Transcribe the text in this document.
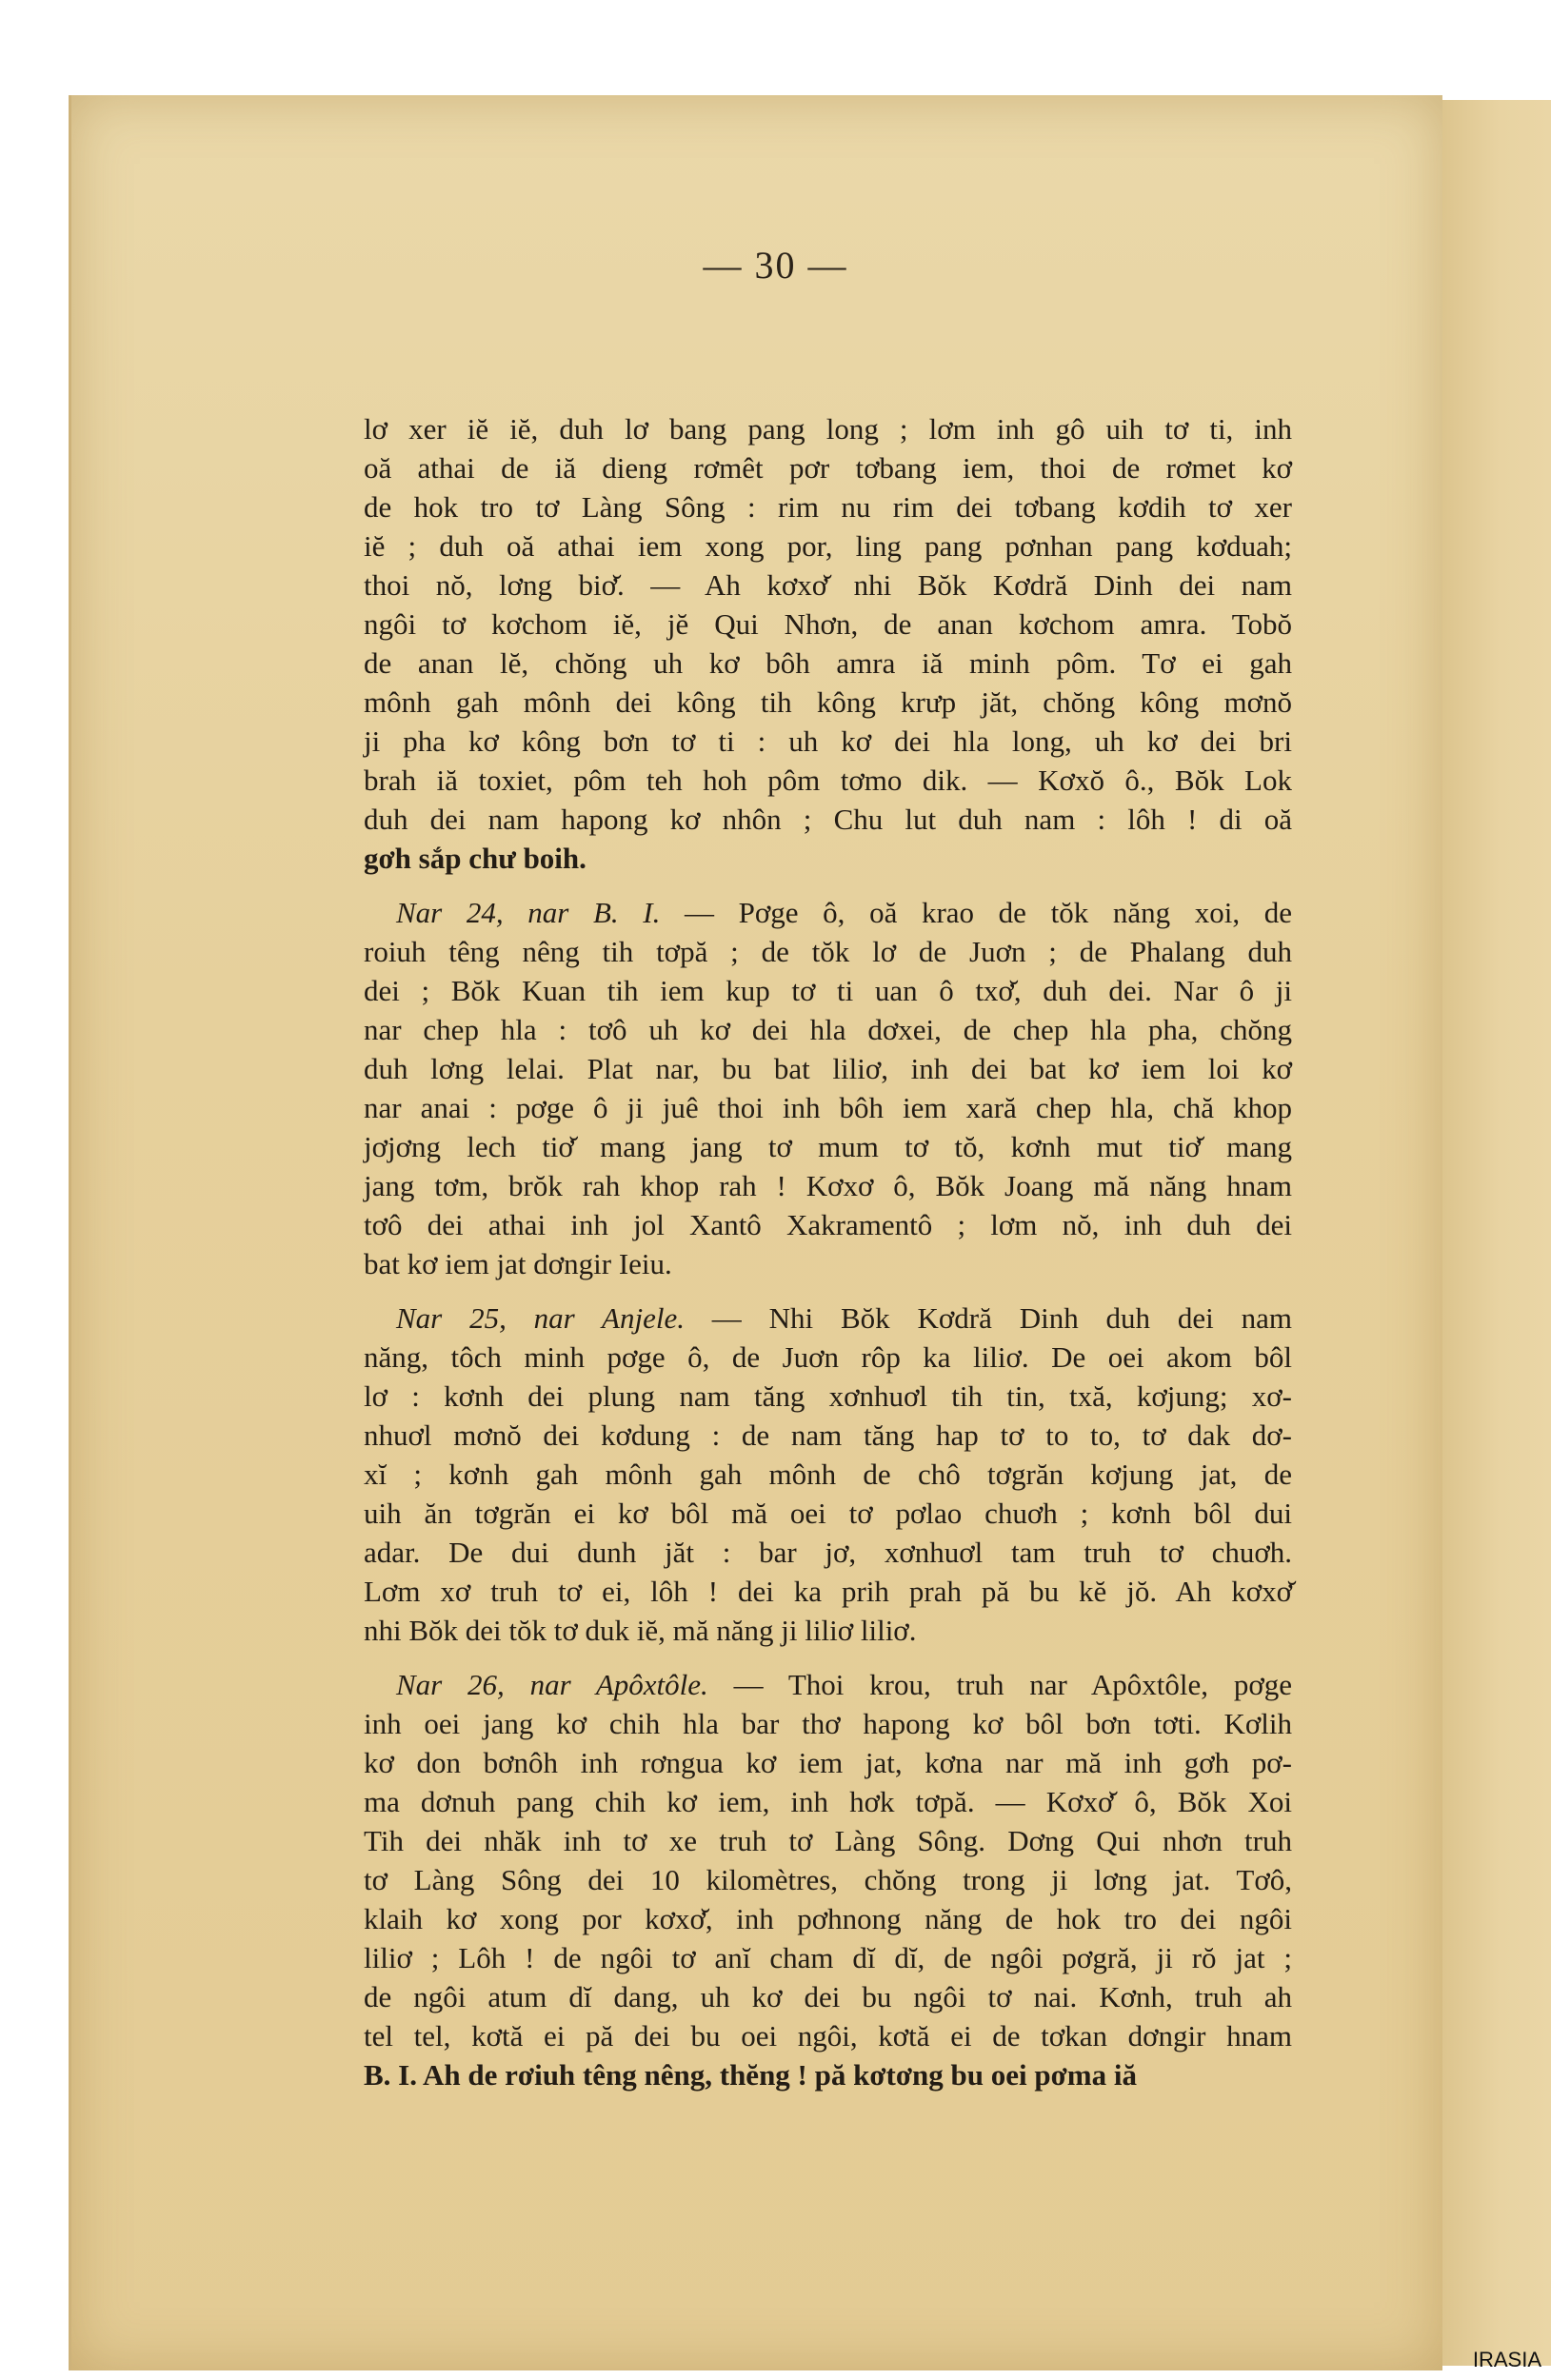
— 30 —
lơ xer iĕ iĕ, duh lơ bang pang long ; lơm inh gô uih tơ ti, inh
oă athai de iă dieng rơmêt pơr tơbang iem, thoi de rơmet kơ
de hok tro tơ Làng Sông : rim nu rim dei tơbang kơdih tơ xer
iĕ ; duh oă athai iem xong por, ling pang pơnhan pang kơduah;
thoi nŏ, lơng biơ̆. — Ah kơxơ̆ nhi Bŏk Kơdră Dinh dei nam
ngôi tơ kơchom iĕ, jĕ Qui Nhơn, de anan kơchom amra. Tobŏ
de anan lĕ, chŏng uh kơ bôh amra iă minh pôm. Tơ ei gah
mônh gah mônh dei kông tih kông krưp jăt, chŏng kông mơnŏ
ji pha kơ kông bơn tơ ti : uh kơ dei hla long, uh kơ dei bri
brah iă toxiet, pôm teh hoh pôm tơmo dik. — Kơxŏ ô., Bŏk Lok
duh dei nam hapong kơ nhôn ; Chu lut duh nam : lôh ! di oă
gơh sắp chư boih.
Nar 24, nar B. I. — Pơge ô, oă krao de tŏk năng xoi, de
roiuh têng nêng tih tơpă ; de tŏk lơ de Juơn ; de Phalang duh
dei ; Bŏk Kuan tih iem kup tơ ti uan ô txơ̆, duh dei. Nar ô ji
nar chep hla : tơô uh kơ dei hla dơxei, de chep hla pha, chŏng
duh lơng lelai. Plat nar, bu bat liliơ, inh dei bat kơ iem loi kơ
nar anai : pơge ô ji juê thoi inh bôh iem xară chep hla, chă khop
jơjơng lech tiơ̆ mang jang tơ mum tơ tŏ, kơnh mut tiơ̆ mang
jang tơm, brŏk rah khop rah ! Kơxơ ô, Bŏk Joang mă năng hnam
tơô dei athai inh jol Xantô Xakramentô ; lơm nŏ, inh duh dei
bat kơ iem jat dơngir Ieiu.
Nar 25, nar Anjele. — Nhi Bŏk Kơdră Dinh duh dei nam
năng, tôch minh pơge ô, de Juơn rôp ka liliơ. De oei akom bôl
lơ : kơnh dei plung nam tăng xơnhuơl tih tin, txă, kơjung; xơ-
nhuơl mơnŏ dei kơdung : de nam tăng hap tơ to to, tơ dak dơ-
xĭ ; kơnh gah mônh gah mônh de chô tơgrăn kơjung jat, de
uih ăn tơgrăn ei kơ bôl mă oei tơ pơlao chuơh ; kơnh bôl dui
adar. De dui dunh jăt : bar jơ, xơnhuơl tam truh tơ chuơh.
Lơm xơ truh tơ ei, lôh ! dei ka prih prah pă bu kĕ jŏ. Ah kơxơ̆
nhi Bŏk dei tŏk tơ duk iĕ, mă năng ji liliơ liliơ.
Nar 26, nar Apôxtôle. — Thoi krou, truh nar Apôxtôle, pơge
inh oei jang kơ chih hla bar thơ hapong kơ bôl bơn tơti. Kơlih
kơ don bơnôh inh rơngua kơ iem jat, kơna nar mă inh gơh pơ-
ma dơnuh pang chih kơ iem, inh hơk tơpă. — Kơxơ̆ ô, Bŏk Xoi
Tih dei nhăk inh tơ xe truh tơ Làng Sông. Dơng Qui nhơn truh
tơ Làng Sông dei 10 kilomètres, chŏng trong ji lơng jat. Tơô,
klaih kơ xong por kơxơ̆, inh pơhnong năng de hok tro dei ngôi
liliơ ; Lôh ! de ngôi tơ anĭ cham dĭ dĭ, de ngôi pơgră, ji rŏ jat ;
de ngôi atum dĭ dang, uh kơ dei bu ngôi tơ nai. Kơnh, truh ah
tel tel, kơtă ei pă dei bu oei ngôi, kơtă ei de tơkan dơngir hnam
B. I. Ah de rơiuh têng nêng, thĕng ! pă kơtơng bu oei pơma iă
IRASIA
